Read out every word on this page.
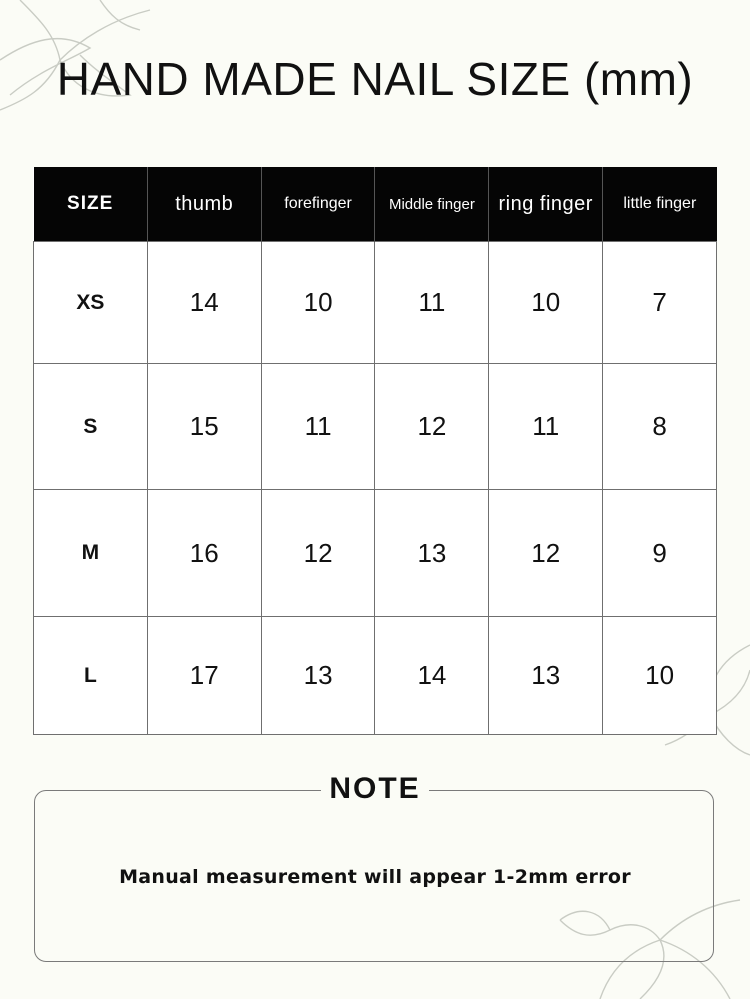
HAND MADE NAIL SIZE (mm)
SIZE	thumb	forefinger	Middle finger	ring finger	little finger
XS	14	10	11	10	7
S	15	11	12	11	8
M	16	12	13	12	9
L	17	13	14	13	10
NOTE
Manual measurement will appear 1-2mm error
